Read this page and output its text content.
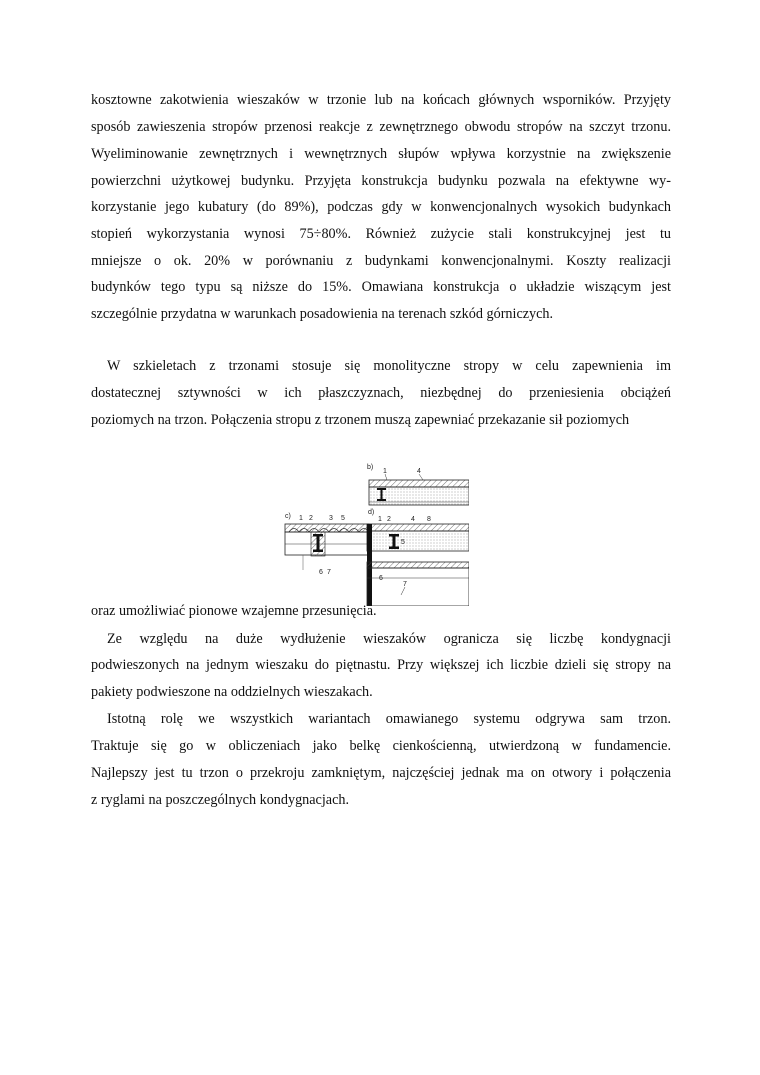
kosztowne zakotwienia wieszaków w trzonie lub na końcach głównych wsporników. Przyjęty
sposób zawieszenia stropów przenosi reakcje z zewnętrznego obwodu stropów na szczyt trzonu.
Wyeliminowanie zewnętrznych i wewnętrznych słupów wpływa korzystnie na zwiększenie
powierzchni użytkowej budynku. Przyjęta konstrukcja budynku pozwala na efektywne wy-
korzystanie jego kubatury (do 89%), podczas gdy w konwencjonalnych wysokich budynkach
stopień wykorzystania wynosi 75÷80%. Również zużycie stali konstrukcyjnej jest tu
mniejsze o ok. 20% w porównaniu z budynkami konwencjonalnymi. Koszty realizacji
budynków tego typu są niższe do 15%. Omawiana konstrukcja o układzie wiszącym jest
szczególnie przydatna w warunkach posadowienia na terenach szkód górniczych.
W szkieletach z trzonami stosuje się monolityczne stropy w celu zapewnienia im
dostatecznej sztywności w ich płaszczyznach, niezbędnej do przeniesienia obciążeń
poziomych na trzon. Połączenia stropu z trzonem muszą zapewniać przekazanie sił poziomych
b)
1	4
c) 1 2 3 5
6 7
d)
1 2	4 8
5
6
7
oraz umożliwiać pionowe wzajemne przesunięcia.
Ze względu na duże wydłużenie wieszaków ogranicza się liczbę kondygnacji
podwieszonych na jednym wieszaku do piętnastu. Przy większej ich liczbie dzieli się stropy na
pakiety podwieszone na oddzielnych wieszakach.
Istotną rolę we wszystkich wariantach omawianego systemu odgrywa sam trzon.
Traktuje się go w obliczeniach jako belkę cienkościenną, utwierdzoną w fundamencie.
Najlepszy jest tu trzon o przekroju zamkniętym, najczęściej jednak ma on otwory i połączenia
z ryglami na poszczególnych kondygnacjach.
